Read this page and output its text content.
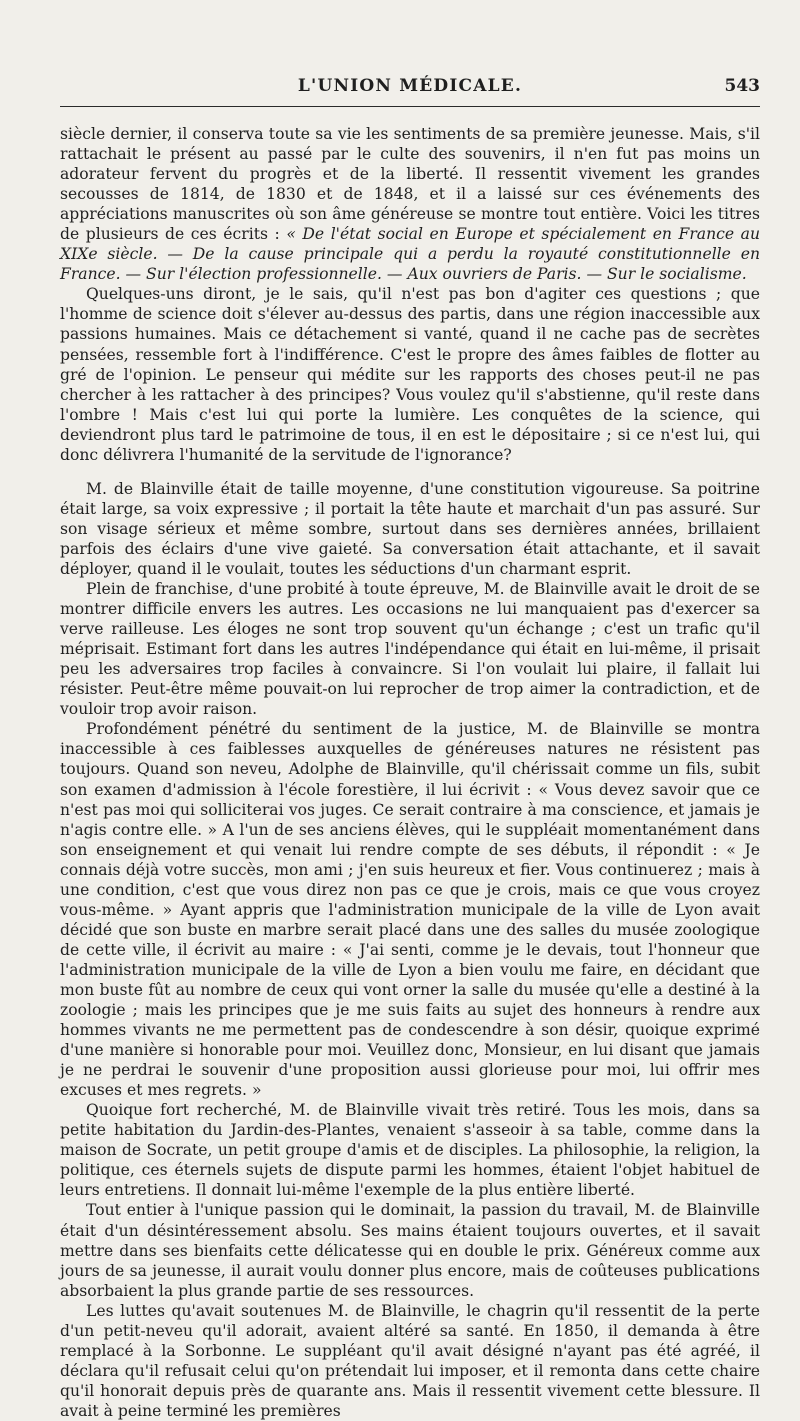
L'UNION MÉDICALE.	543

siècle dernier, il conserva toute sa vie les sentiments de sa première jeunesse. Mais, s'il rattachait le présent au passé par le culte des souvenirs, il n'en fut pas moins un adorateur fervent du progrès et de la liberté. Il ressentit vivement les grandes secousses de 1814, de 1830 et de 1848, et il a laissé sur ces événements des appréciations manuscrites où son âme généreuse se montre tout entière. Voici les titres de plusieurs de ces écrits : « De l'état social en Europe et spécialement en France au XIXe siècle. — De la cause principale qui a perdu la royauté constitutionnelle en France. — Sur l'élection professionnelle. — Aux ouvriers de Paris. — Sur le socialisme.

Quelques-uns diront, je le sais, qu'il n'est pas bon d'agiter ces questions ; que l'homme de science doit s'élever au-dessus des partis, dans une région inaccessible aux passions humaines. Mais ce détachement si vanté, quand il ne cache pas de secrètes pensées, ressemble fort à l'indifférence. C'est le propre des âmes faibles de flotter au gré de l'opinion. Le penseur qui médite sur les rapports des choses peut-il ne pas chercher à les rattacher à des principes? Vous voulez qu'il s'abstienne, qu'il reste dans l'ombre ! Mais c'est lui qui porte la lumière. Les conquêtes de la science, qui deviendront plus tard le patrimoine de tous, il en est le dépositaire ; si ce n'est lui, qui donc délivrera l'humanité de la servitude de l'ignorance?

M. de Blainville était de taille moyenne, d'une constitution vigoureuse. Sa poitrine était large, sa voix expressive ; il portait la tête haute et marchait d'un pas assuré. Sur son visage sérieux et même sombre, surtout dans ses dernières années, brillaient parfois des éclairs d'une vive gaieté. Sa conversation était attachante, et il savait déployer, quand il le voulait, toutes les séductions d'un charmant esprit.

Plein de franchise, d'une probité à toute épreuve, M. de Blainville avait le droit de se montrer difficile envers les autres. Les occasions ne lui manquaient pas d'exercer sa verve railleuse. Les éloges ne sont trop souvent qu'un échange ; c'est un trafic qu'il méprisait. Estimant fort dans les autres l'indépendance qui était en lui-même, il prisait peu les adversaires trop faciles à convaincre. Si l'on voulait lui plaire, il fallait lui résister. Peut-être même pouvait-on lui reprocher de trop aimer la contradiction, et de vouloir trop avoir raison.

Profondément pénétré du sentiment de la justice, M. de Blainville se montra inaccessible à ces faiblesses auxquelles de généreuses natures ne résistent pas toujours. Quand son neveu, Adolphe de Blainville, qu'il chérissait comme un fils, subit son examen d'admission à l'école forestière, il lui écrivit : « Vous devez savoir que ce n'est pas moi qui solliciterai vos juges. Ce serait contraire à ma conscience, et jamais je n'agis contre elle. » A l'un de ses anciens élèves, qui le suppléait momentanément dans son enseignement et qui venait lui rendre compte de ses débuts, il répondit : « Je connais déjà votre succès, mon ami ; j'en suis heureux et fier. Vous continuerez ; mais à une condition, c'est que vous direz non pas ce que je crois, mais ce que vous croyez vous-même. » Ayant appris que l'administration municipale de la ville de Lyon avait décidé que son buste en marbre serait placé dans une des salles du musée zoologique de cette ville, il écrivit au maire : « J'ai senti, comme je le devais, tout l'honneur que l'administration municipale de la ville de Lyon a bien voulu me faire, en décidant que mon buste fût au nombre de ceux qui vont orner la salle du musée qu'elle a destiné à la zoologie ; mais les principes que je me suis faits au sujet des honneurs à rendre aux hommes vivants ne me permettent pas de condescendre à son désir, quoique exprimé d'une manière si honorable pour moi. Veuillez donc, Monsieur, en lui disant que jamais je ne perdrai le souvenir d'une proposition aussi glorieuse pour moi, lui offrir mes excuses et mes regrets. »

Quoique fort recherché, M. de Blainville vivait très retiré. Tous les mois, dans sa petite habitation du Jardin-des-Plantes, venaient s'asseoir à sa table, comme dans la maison de Socrate, un petit groupe d'amis et de disciples. La philosophie, la religion, la politique, ces éternels sujets de dispute parmi les hommes, étaient l'objet habituel de leurs entretiens. Il donnait lui-même l'exemple de la plus entière liberté.

Tout entier à l'unique passion qui le dominait, la passion du travail, M. de Blainville était d'un désintéressement absolu. Ses mains étaient toujours ouvertes, et il savait mettre dans ses bienfaits cette délicatesse qui en double le prix. Généreux comme aux jours de sa jeunesse, il aurait voulu donner plus encore, mais de coûteuses publications absorbaient la plus grande partie de ses ressources.

Les luttes qu'avait soutenues M. de Blainville, le chagrin qu'il ressentit de la perte d'un petit-neveu qu'il adorait, avaient altéré sa santé. En 1850, il demanda à être remplacé à la Sorbonne. Le suppléant qu'il avait désigné n'ayant pas été agréé, il déclara qu'il refusait celui qu'on prétendait lui imposer, et il remonta dans cette chaire qu'il honorait depuis près de quarante ans. Mais il ressentit vivement cette blessure. Il avait à peine terminé les premières
